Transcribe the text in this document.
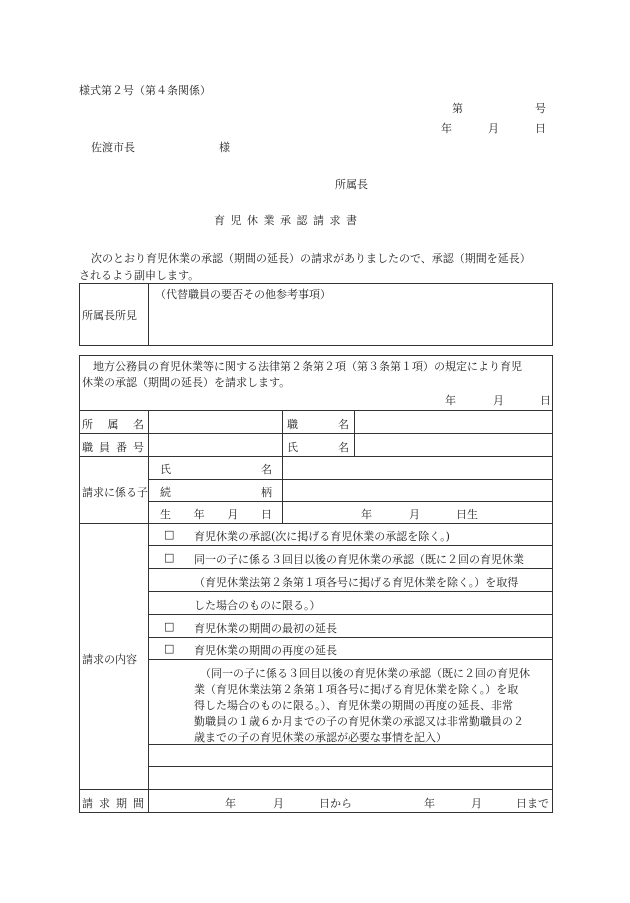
様式第２号（第４条関係）
第	号
年	月	日
佐渡市長	様
所属長
育 児 休 業 承 認 請 求 書
次のとおり育児休業の承認（期間の延長）の請求がありましたので、承認（期間を延長）
されるよう副申します。
所属長所見
（代替職員の要否その他参考事項）
地方公務員の育児休業等に関する法律第２条第２項（第３条第１項）の規定により育児
休業の承認（期間の延長）を請求します。
年	月	日
所 属 名	職	名
職 員 番 号	氏	名
請求に係る子
氏	名
続	柄
生 年 月 日	年	月	日生
請求の内容
□ 育児休業の承認(次に掲げる育児休業の承認を除く。)
□ 同一の子に係る３回目以後の育児休業の承認（既に２回の育児休業
（育児休業法第２条第１項各号に掲げる育児休業を除く。）を取得
した場合のものに限る。）
□ 育児休業の期間の最初の延長
□ 育児休業の期間の再度の延長
（同一の子に係る３回目以後の育児休業の承認（既に２回の育児休
業（育児休業法第２条第１項各号に掲げる育児休業を除く。）を取
得した場合のものに限る。）、育児休業の期間の再度の延長、非常
勤職員の１歳６か月までの子の育児休業の承認又は非常勤職員の２
歳までの子の育児休業の承認が必要な事情を記入）
請 求 期 間	年	月	日から	年	月	日まで
